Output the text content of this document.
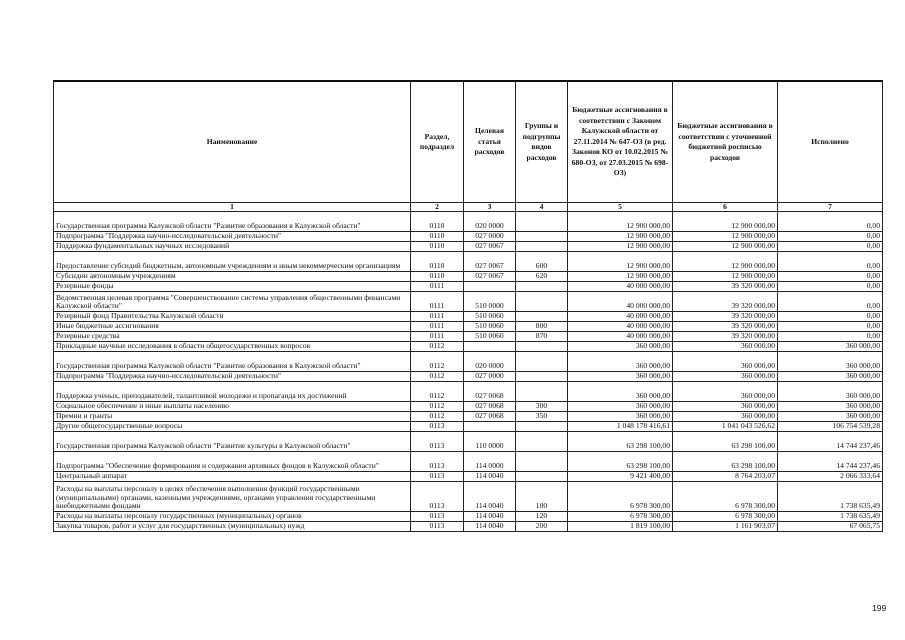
Наименование	Раздел, подраздел	Целевая статья расходов	Группы и подгруппы видов расходов	Бюджетные ассигнования в соответствии с Законом Калужской области от 27.11.2014 № 647-ОЗ (в ред. Законов КО от 10.02.2015 № 680-ОЗ, от 27.03.2015 № 698-ОЗ)	Бюджетные ассигнования в соответствии с уточненной бюджетной росписью расходов	Исполнено
1	2	3	4	5	6	7
Государственная программа Калужской области "Развитие образования в Калужской области"	0110	020 0000		12 900 000,00	12 900 000,00	0,00
Подпрограмма "Поддержка научно-исследовательской деятельности"	0110	027 0000		12 900 000,00	12 900 000,00	0,00
Поддержка фундаментальных научных исследований	0110	027 0067		12 900 000,00	12 900 000,00	0,00
Предоставление субсидий бюджетным, автономным учреждениям и иным некоммерческим организациям	0110	027 0067	600	12 900 000,00	12 900 000,00	0,00
Субсидии автономным учреждениям	0110	027 0067	620	12 900 000,00	12 900 000,00	0,00
Резервные фонды	0111			40 000 000,00	39 320 000,00	0,00
Ведомственная целевая программа "Совершенствование системы управления общественными финансами Калужской области"	0111	510 0000		40 000 000,00	39 320 000,00	0,00
Резервный фонд Правительства Калужской области	0111	510 0060		40 000 000,00	39 320 000,00	0,00
Иные бюджетные ассигнования	0111	510 0060	800	40 000 000,00	39 320 000,00	0,00
Резервные средства	0111	510 0060	870	40 000 000,00	39 320 000,00	0,00
Прикладные научные исследования в области общегосударственных вопросов	0112			360 000,00	360 000,00	360 000,00
Государственная программа Калужской области "Развитие образования в Калужской области"	0112	020 0000		360 000,00	360 000,00	360 000,00
Подпрограмма "Поддержка научно-исследовательской деятельности"	0112	027 0000		360 000,00	360 000,00	360 000,00
Поддержка ученых, преподавателей, талантливой молодежи и пропаганда их достижений	0112	027 0068		360 000,00	360 000,00	360 000,00
Социальное обеспечение и иные выплаты населению	0112	027 0068	300	360 000,00	360 000,00	360 000,00
Премии и гранты	0112	027 0068	350	360 000,00	360 000,00	360 000,00
Другие общегосударственные вопросы	0113			1 048 178 416,61	1 041 043 526,62	106 754 539,28
Государственная программа Калужской области "Развитие культуры в Калужской области"	0113	110 0000		63 298 100,00	63 298 100,00	14 744 237,46
Подпрограмма "Обеспечение формирования и содержания архивных фондов в Калужской области"	0113	114 0000		63 298 100,00	63 298 100,00	14 744 237,46
Центральный аппарат	0113	114 0040		9 421 400,00	8 764 203,07	2 066 333,64
Расходы на выплаты персоналу в целях обеспечения выполнения функций государственными (муниципальными) органами, казенными учреждениями, органами управления государственными внебюджетными фондами	0113	114 0040	100	6 978 300,00	6 978 300,00	1 738 635,49
Расходы на выплаты персоналу государственных (муниципальных) органов	0113	114 0040	120	6 978 300,00	6 978 300,00	1 738 635,49
Закупка товаров, работ и услуг для государственных (муниципальных) нужд	0113	114 0040	200	1 819 100,00	1 161 903,07	67 065,75
199
